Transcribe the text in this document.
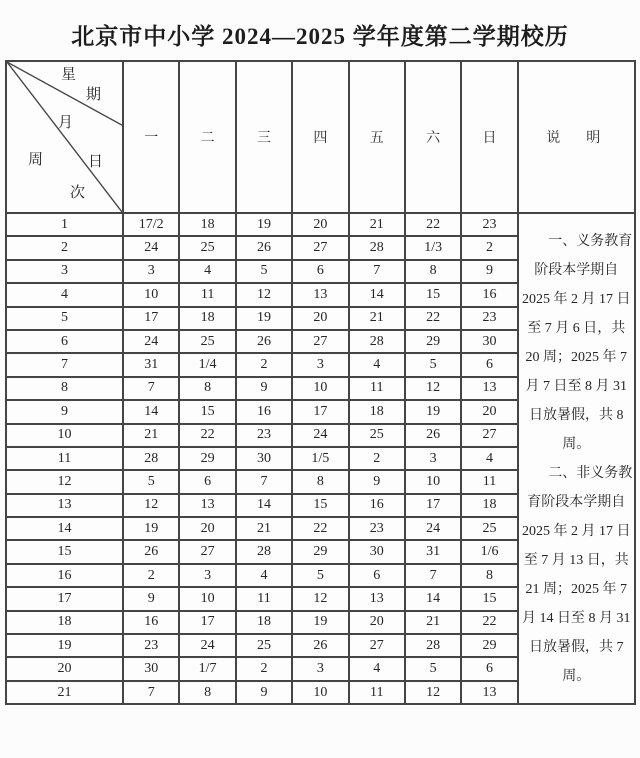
北京市中小学 2024—2025 学年度第二学期校历
星
期
月
日
周
次
	一	二	三	四	五	六	日	说　明
1	17/2	18	19	20	21	22	23	一、义务教育阶段本学期自 2025 年 2 月 17 日至 7 月 6 日，共 20 周；2025 年 7 月 7 日至 8 月 31 日放暑假，共 8 周。

二、非义务教育阶段本学期自 2025 年 2 月 17 日至 7 月 13 日，共 21 周；2025 年 7 月 14 日至 8 月 31 日放暑假，共 7 周。

2	24	25	26	27	28	1/3	2	
3	3	4	5	6	7	8	9	
4	10	11	12	13	14	15	16	
5	17	18	19	20	21	22	23	
6	24	25	26	27	28	29	30	
7	31	1/4	2	3	4	5	6	
8	7	8	9	10	11	12	13	
9	14	15	16	17	18	19	20	
10	21	22	23	24	25	26	27	
11	28	29	30	1/5	2	3	4	
12	5	6	7	8	9	10	11	
13	12	13	14	15	16	17	18	
14	19	20	21	22	23	24	25	
15	26	27	28	29	30	31	1/6	
16	2	3	4	5	6	7	8	
17	9	10	11	12	13	14	15	
18	16	17	18	19	20	21	22	
19	23	24	25	26	27	28	29	
20	30	1/7	2	3	4	5	6	
21	7	8	9	10	11	12	13	
